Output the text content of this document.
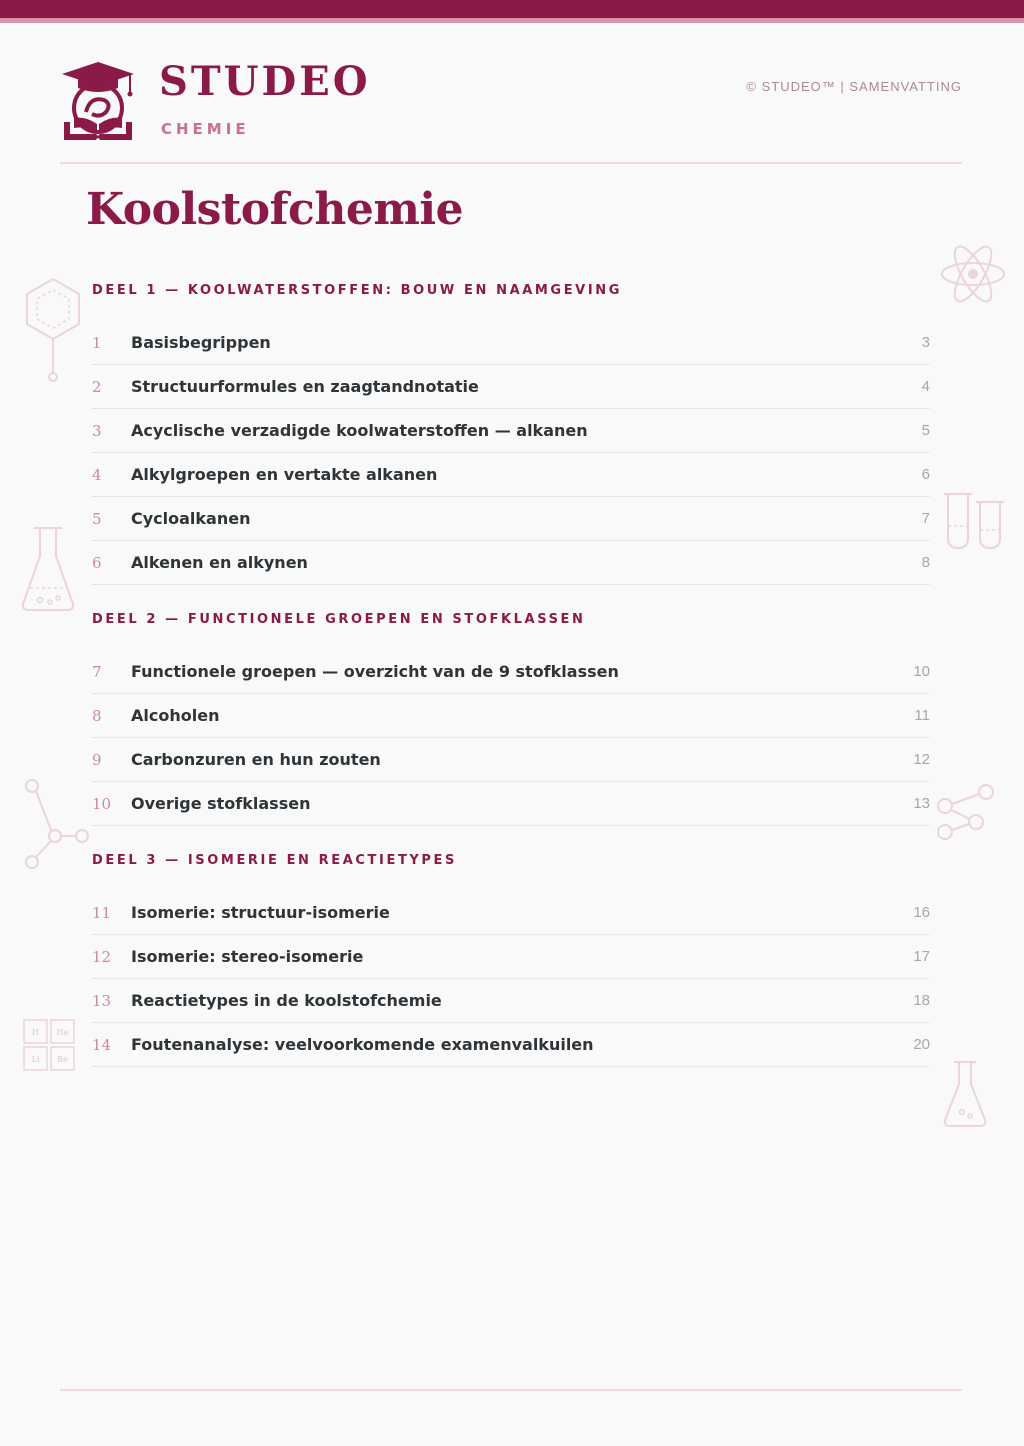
STUDEO
CHEMIE
© STUDEO™ | SAMENVATTING
Koolstofchemie
DEEL 1 — KOOLWATERSTOFFEN: BOUW EN NAAMGEVING
1	Basisbegrippen	3
2	Structuurformules en zaagtandnotatie	4
3	Acyclische verzadigde koolwaterstoffen — alkanen	5
4	Alkylgroepen en vertakte alkanen	6
5	Cycloalkanen	7
6	Alkenen en alkynen	8
DEEL 2 — FUNCTIONELE GROEPEN EN STOFKLASSEN
7	Functionele groepen — overzicht van de 9 stofklassen	10
8	Alcoholen	11
9	Carbonzuren en hun zouten	12
10	Overige stofklassen	13
DEEL 3 — ISOMERIE EN REACTIETYPES
11	Isomerie: structuur-isomerie	16
12	Isomerie: stereo-isomerie	17
13	Reactietypes in de koolstofchemie	18
14	Foutenanalyse: veelvoorkomende examenvalkuilen	20
H He
Li Be
